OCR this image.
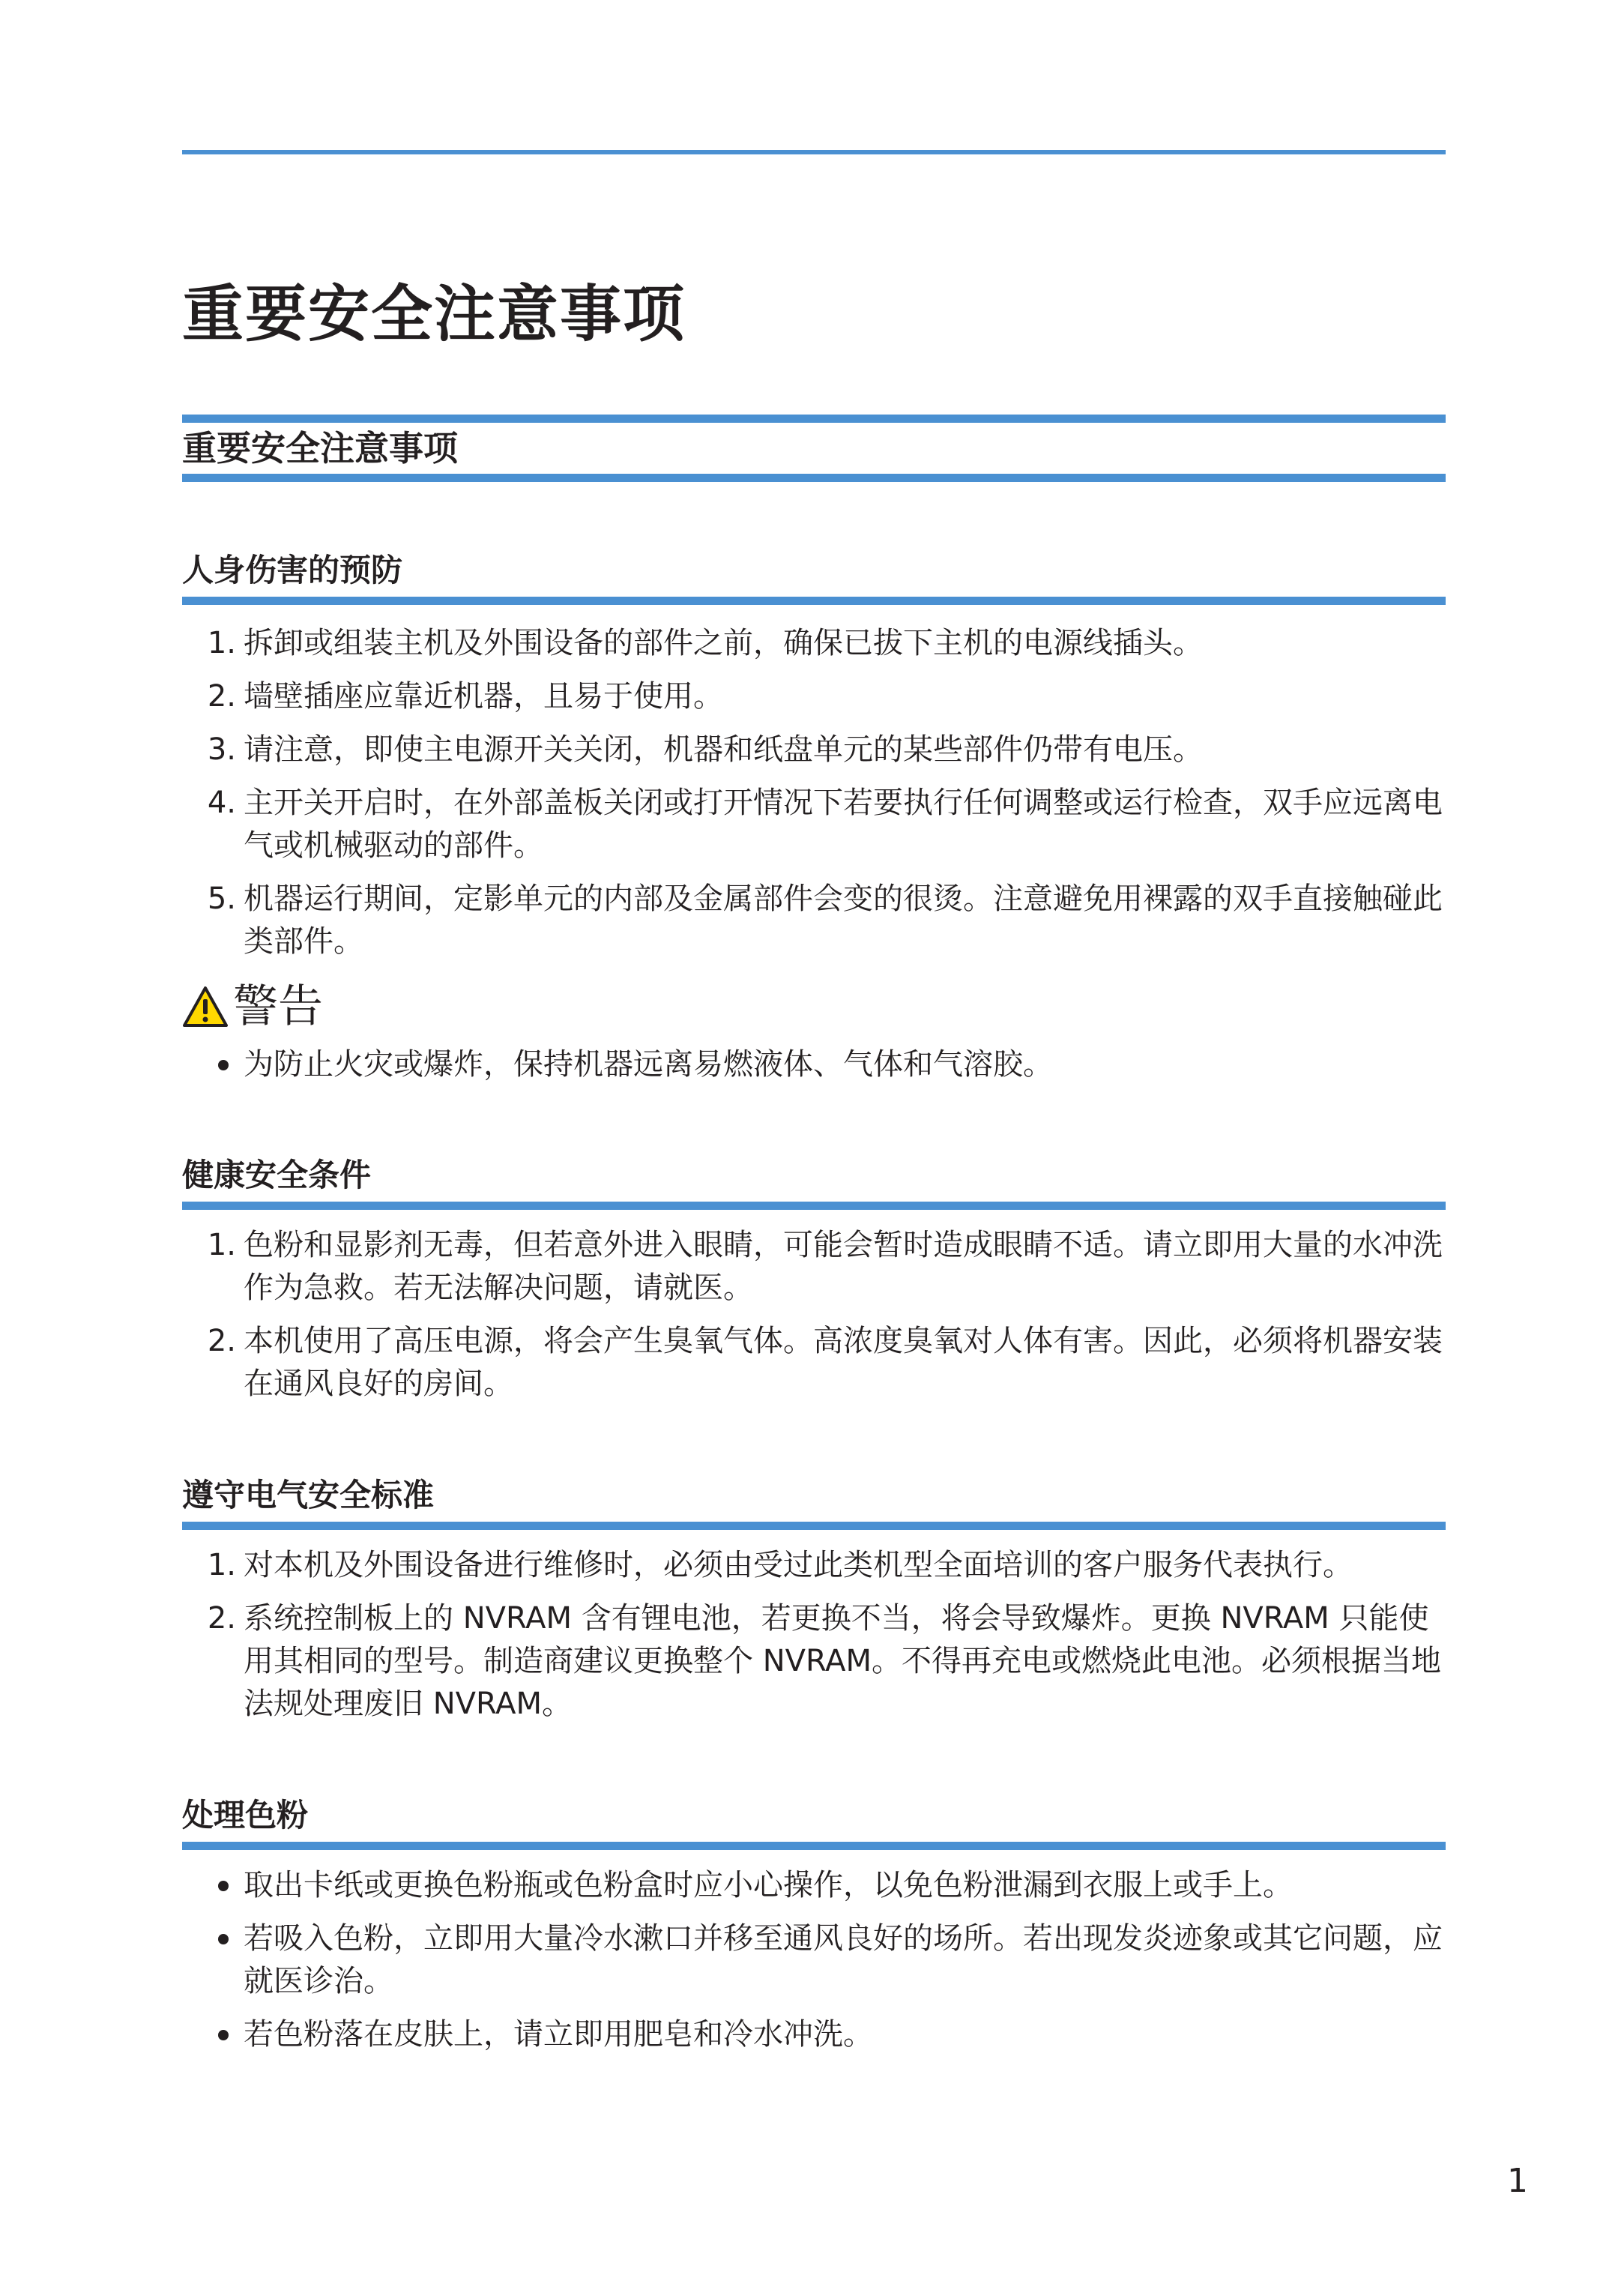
重要安全注意事项
重要安全注意事项
人身伤害的预防
1. 拆卸或组装主机及外围设备的部件之前，确保已拔下主机的电源线插头。
2. 墙壁插座应靠近机器，且易于使用。
3. 请注意，即使主电源开关关闭，机器和纸盘单元的某些部件仍带有电压。
4. 主开关开启时，在外部盖板关闭或打开情况下若要执行任何调整或运行检查，双手应远离电气或机械驱动的部件。
5. 机器运行期间，定影单元的内部及金属部件会变的很烫。注意避免用裸露的双手直接触碰此类部件。
警告
为防止火灾或爆炸，保持机器远离易燃液体、气体和气溶胶。
健康安全条件
1. 色粉和显影剂无毒，但若意外进入眼睛，可能会暂时造成眼睛不适。请立即用大量的水冲洗作为急救。若无法解决问题，请就医。
2. 本机使用了高压电源，将会产生臭氧气体。高浓度臭氧对人体有害。因此，必须将机器安装在通风良好的房间。
遵守电气安全标准
1. 对本机及外围设备进行维修时，必须由受过此类机型全面培训的客户服务代表执行。
2. 系统控制板上的 NVRAM 含有锂电池，若更换不当，将会导致爆炸。更换 NVRAM 只能使用其相同的型号。制造商建议更换整个 NVRAM。不得再充电或燃烧此电池。必须根据当地法规处理废旧 NVRAM。
处理色粉
取出卡纸或更换色粉瓶或色粉盒时应小心操作，以免色粉泄漏到衣服上或手上。
若吸入色粉，立即用大量冷水漱口并移至通风良好的场所。若出现发炎迹象或其它问题，应就医诊治。
若色粉落在皮肤上，请立即用肥皂和冷水冲洗。
1
